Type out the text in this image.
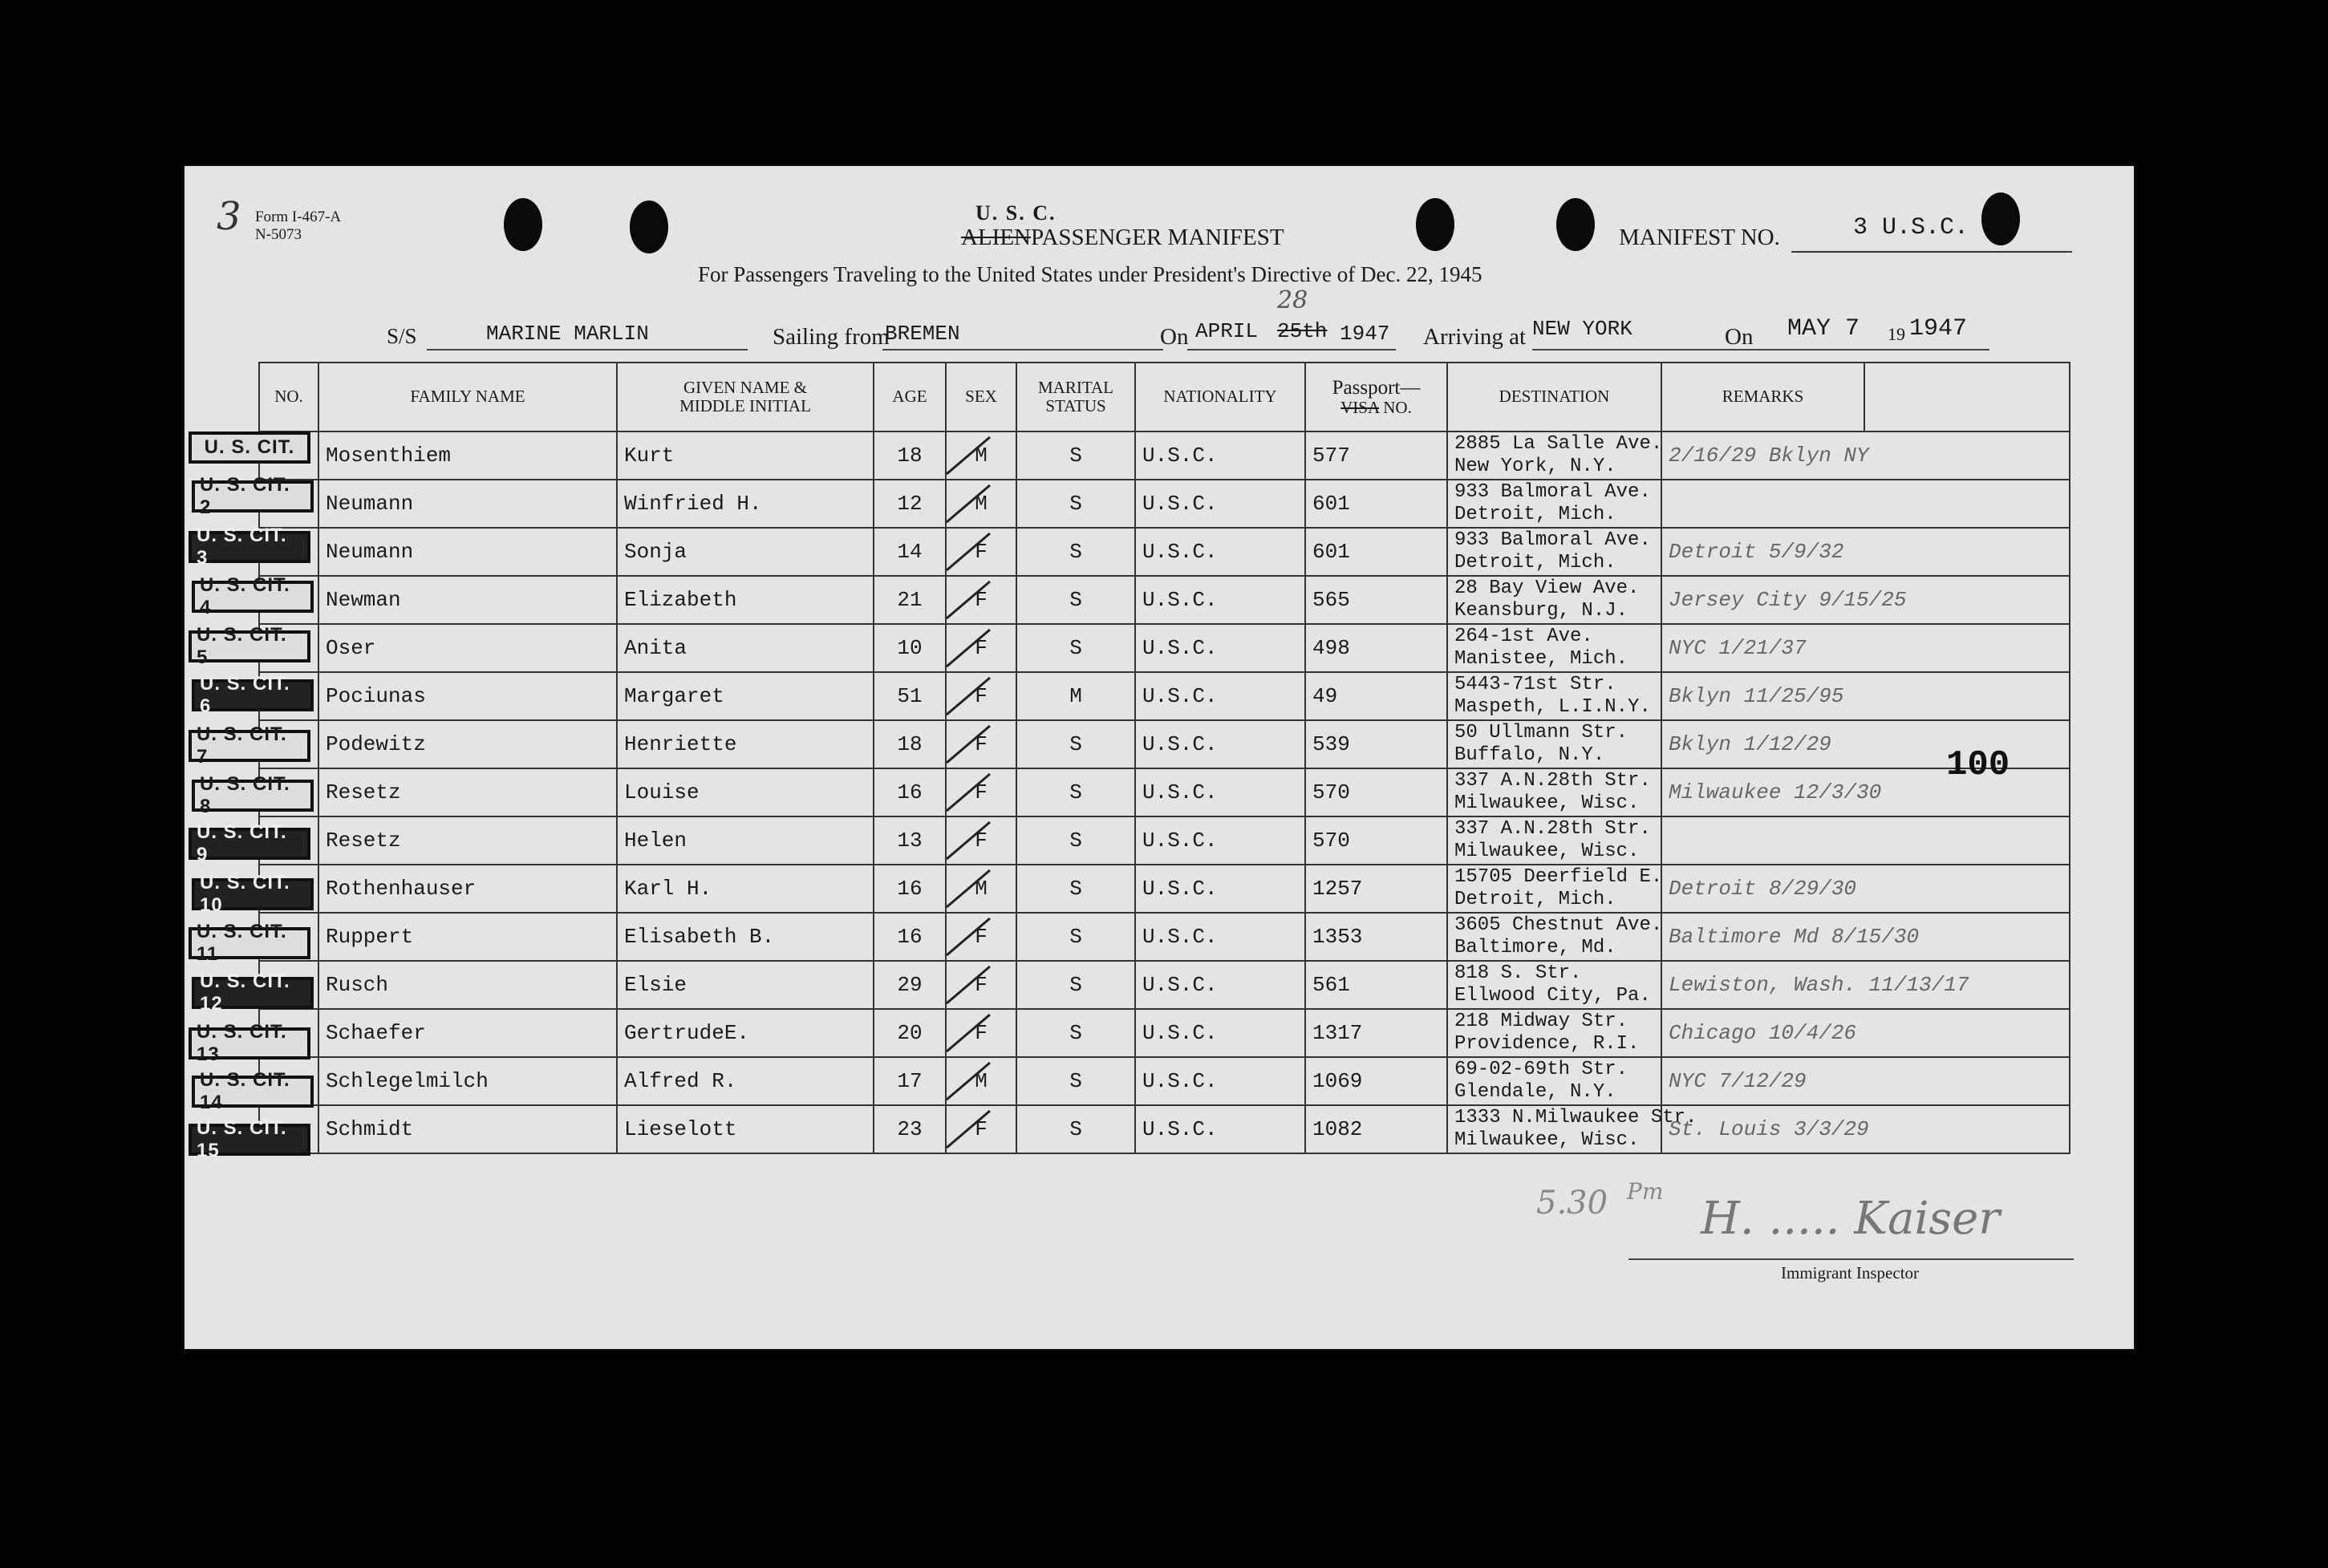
3 Form I-467-A
N-5073
U. S. C.
ALIENPASSENGER MANIFEST	MANIFEST NO.	3 U.S.C.
For Passengers Traveling to the United States under President's Directive of Dec. 22, 1945
S/S	MARINE MARLIN	Sailing from
BREMEN	On APRIL
28
25th 1947 Arriving at NEW YORK	On MAY 7 19 1947
NO.	FAMILY NAME	GIVEN NAME &
MIDDLE INITIAL	AGE	SEX	MARITAL
STATUS	NATIONALITY	Passport—
VISA NO.	DESTINATION	REMARKS	
	Mosenthiem	Kurt	18	M	S	U.S.C.	577	2885 La Salle Ave.
New York, N.Y.	2/16/29 Bklyn NY	
	Neumann	Winfried H.	12	M	S	U.S.C.	601	933 Balmoral Ave.
Detroit, Mich.		

	Neumann	Sonja	14	F	S	U.S.C.	601	933 Balmoral Ave.
Detroit, Mich.	Detroit 5/9/32	
	Newman	Elizabeth	21	F	S	U.S.C.	565	28 Bay View Ave.
Keansburg, N.J.	Jersey City 9/15/25	
	Oser	Anita	10	F	S	U.S.C.	498	264-1st Ave.
Manistee, Mich.	NYC 1/21/37	
	Pociunas	Margaret	51	F	M	U.S.C.	49	5443-71st Str.
Maspeth, L.I.N.Y.	Bklyn 11/25/95	
	Podewitz	Henriette	18	F	S	U.S.C.	539	50 Ullmann Str.
Buffalo, N.Y.	Bklyn 1/12/29	
	Resetz	Louise	16	F	S	U.S.C.	570	337 A.N.28th Str.
Milwaukee, Wisc.	Milwaukee 12/3/30	
	Resetz	Helen	13	F	S	U.S.C.	570	337 A.N.28th Str.
Milwaukee, Wisc.		

	Rothenhauser	Karl H.	16	M	S	U.S.C.	1257	15705 Deerfield E.
Detroit, Mich.	Detroit 8/29/30	
	Ruppert	Elisabeth B.	16	F	S	U.S.C.	1353	3605 Chestnut Ave.
Baltimore, Md.	Baltimore Md 8/15/30	
	Rusch	Elsie	29	F	S	U.S.C.	561	818 S. Str.
Ellwood City, Pa.	Lewiston, Wash. 11/13/17	
	Schaefer	GertrudeE.	20	F	S	U.S.C.	1317	218 Midway Str.
Providence, R.I.	Chicago 10/4/26	
	Schlegelmilch	Alfred R.	17	M	S	U.S.C.	1069	69-02-69th Str.
Glendale, N.Y.	NYC 7/12/29	
	Schmidt	Lieselott	23	F	S	U.S.C.	1082	1333 N.Milwaukee Str.
Milwaukee, Wisc.	St. Louis 3/3/29	
100
5.30 Pm
H. ..... Kaiser
Immigrant Inspector
U. S. CIT.
U. S. CIT. 2
U. S. CIT. 3
U. S. CIT. 4
U. S. CIT. 5
U. S. CIT. 6
U. S. CIT. 7
U. S. CIT. 8
U. S. CIT. 9
U. S. CIT. 10
U. S. CIT. 11
U. S. CIT. 12
U. S. CIT. 13
U. S. CIT. 14
U. S. CIT. 15
